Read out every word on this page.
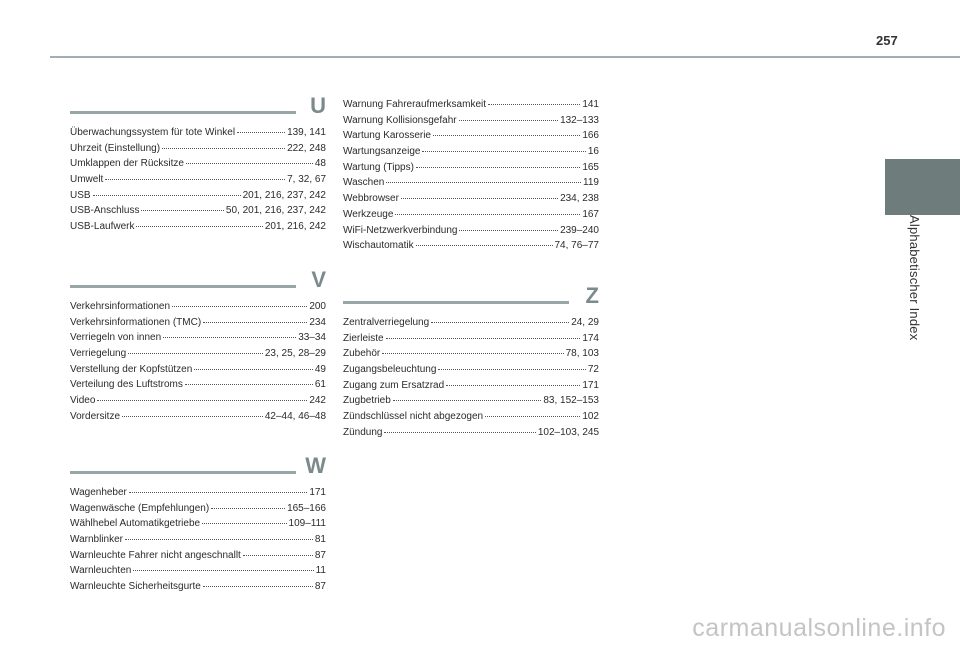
257
Alphabetischer Index
U
Überwachungssystem für tote Winkel	139, 141
Uhrzeit (Einstellung)	222, 248
Umklappen der Rücksitze	48
Umwelt	7, 32, 67
USB	201, 216, 237, 242
USB-Anschluss	50, 201, 216, 237, 242
USB-Laufwerk	201, 216, 242
V
Verkehrsinformationen	200
Verkehrsinformationen (TMC)	234
Verriegeln von innen	33–34
Verriegelung	23, 25, 28–29
Verstellung der Kopfstützen	49
Verteilung des Luftstroms	61
Video	242
Vordersitze	42–44, 46–48
W
Wagenheber	171
Wagenwäsche (Empfehlungen)	165–166
Wählhebel Automatikgetriebe	109–111
Warnblinker	81
Warnleuchte Fahrer nicht angeschnallt	87
Warnleuchten	11
Warnleuchte Sicherheitsgurte	87
Warnung Fahreraufmerksamkeit	141
Warnung Kollisionsgefahr	132–133
Wartung Karosserie	166
Wartungsanzeige	16
Wartung (Tipps)	165
Waschen	119
Webbrowser	234, 238
Werkzeuge	167
WiFi-Netzwerkverbindung	239–240
Wischautomatik	74, 76–77
Z
Zentralverriegelung	24, 29
Zierleiste	174
Zubehör	78, 103
Zugangsbeleuchtung	72
Zugang zum Ersatzrad	171
Zugbetrieb	83, 152–153
Zündschlüssel nicht abgezogen	102
Zündung	102–103, 245
carmanualsonline.info
